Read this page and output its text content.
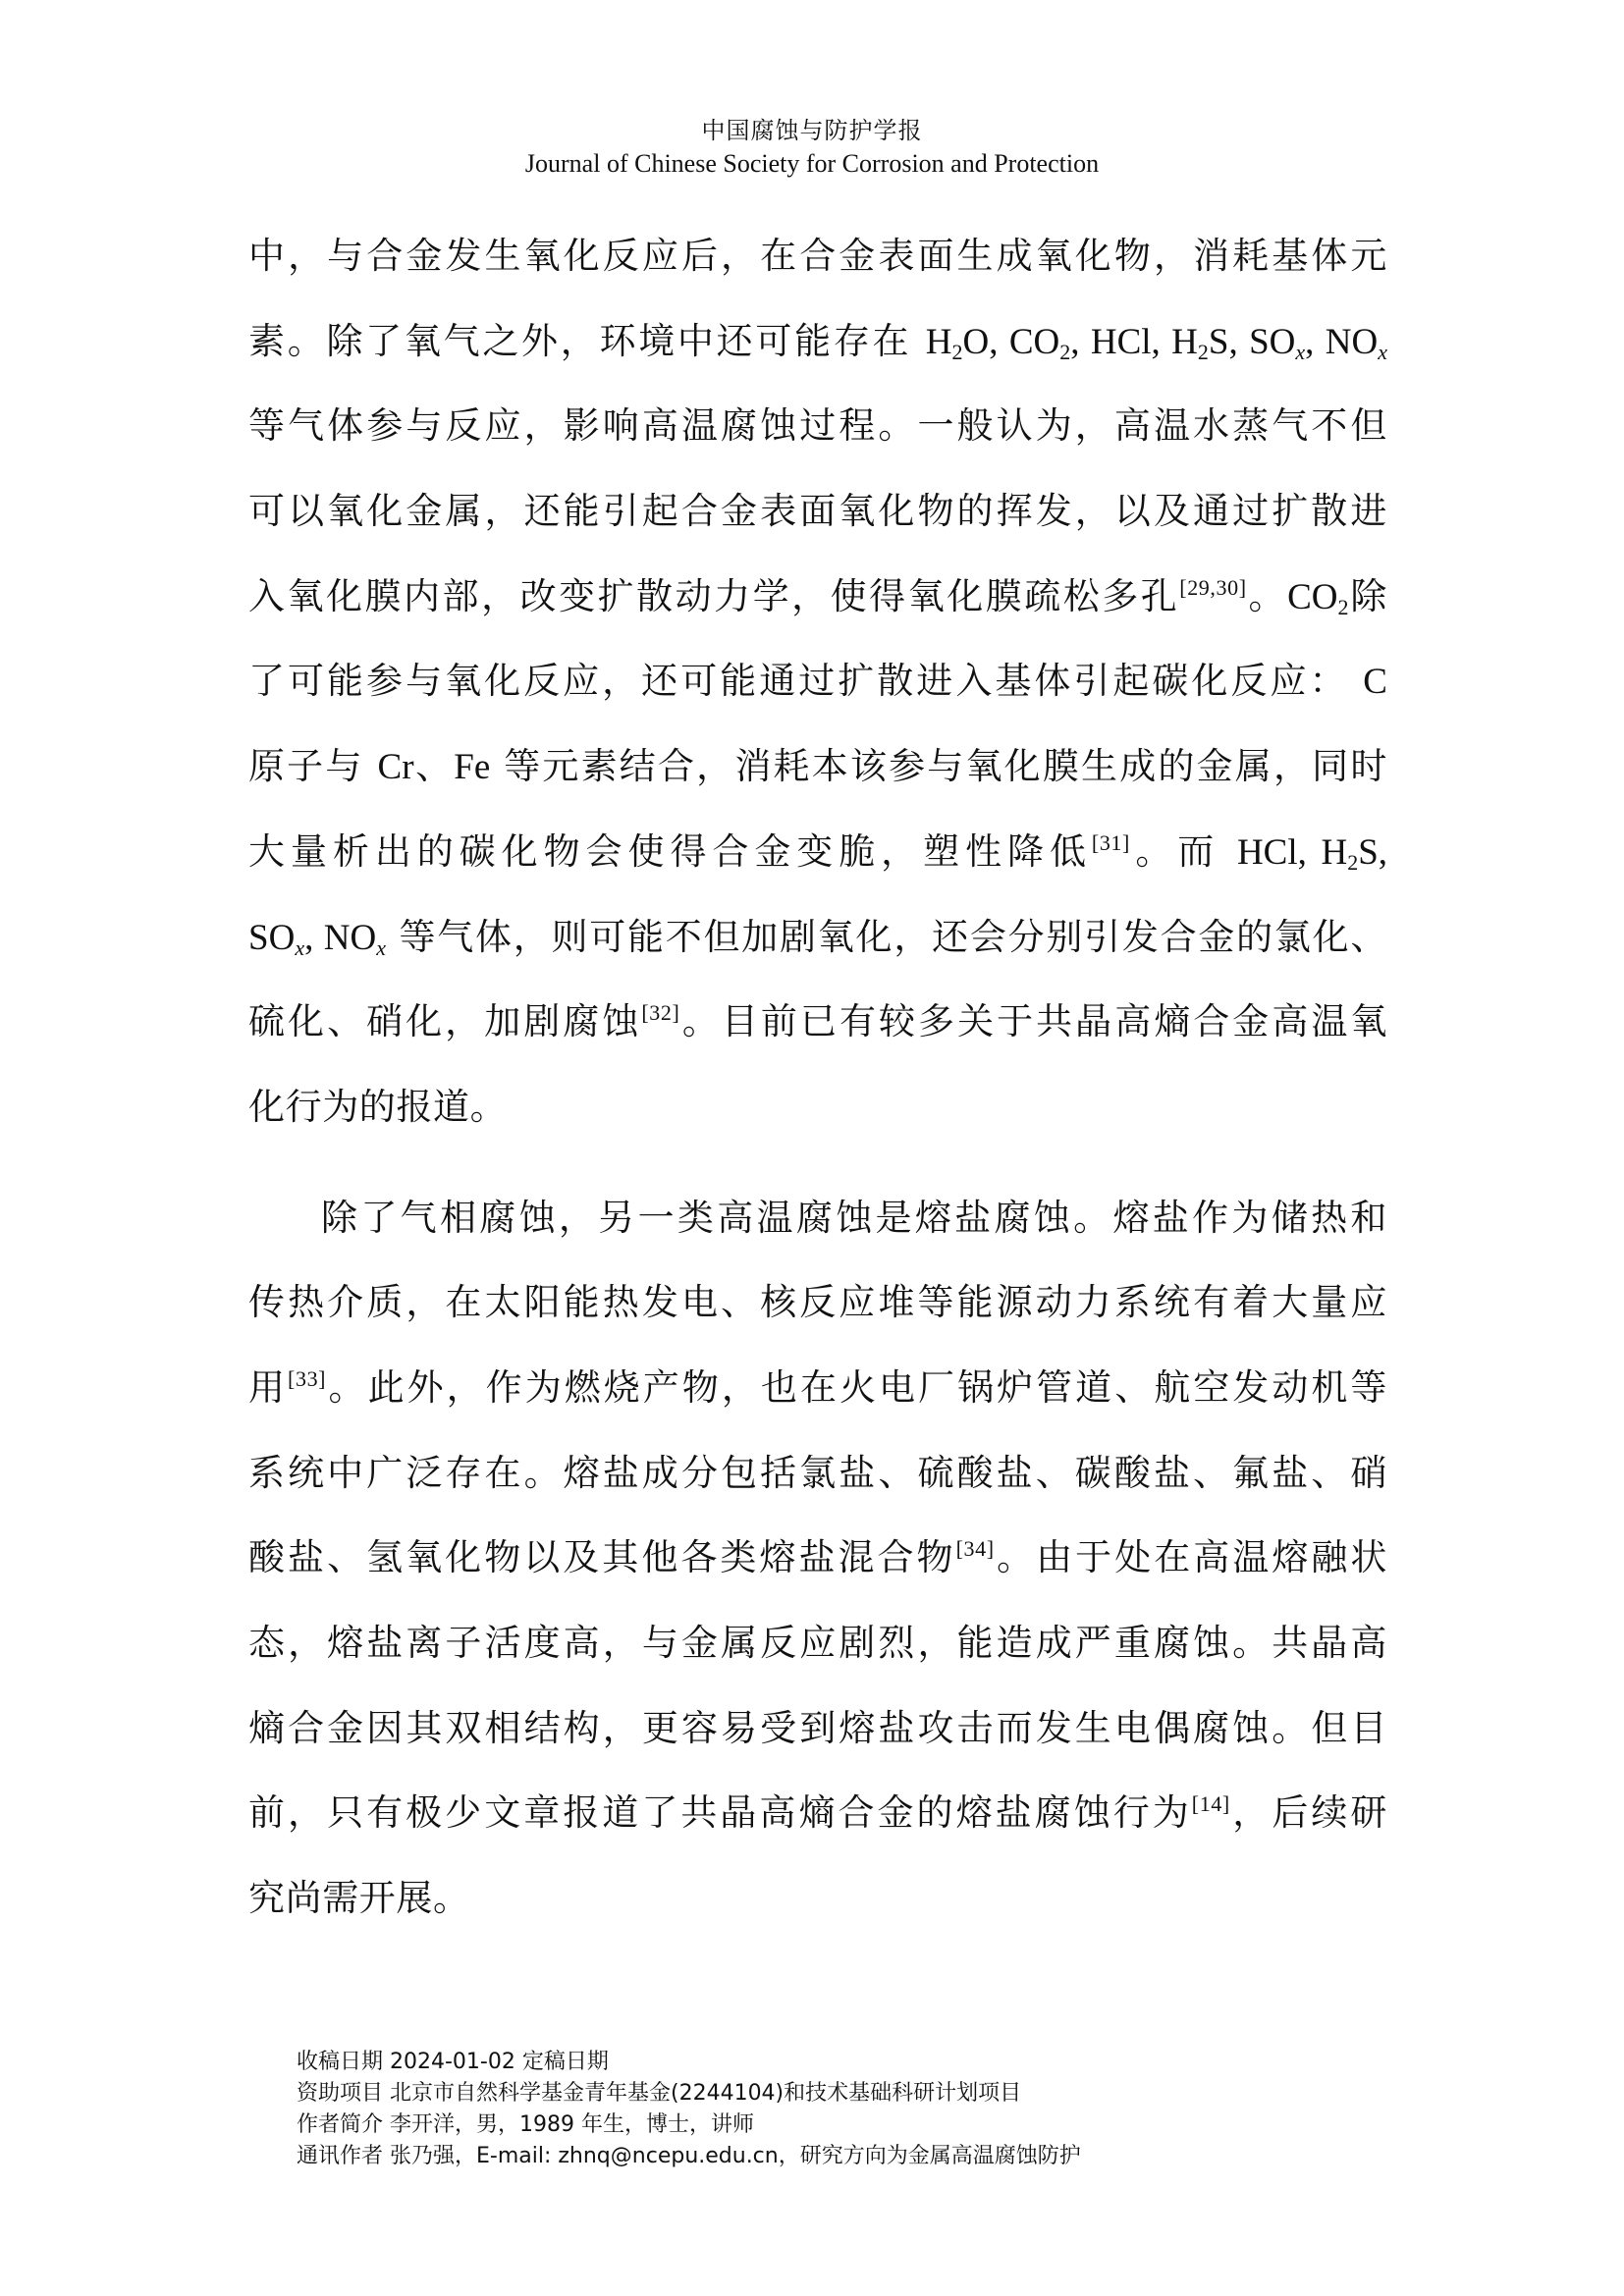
中国腐蚀与防护学报
Journal of Chinese Society for Corrosion and Protection
中，与合金发生氧化反应后，在合金表面生成氧化物，消耗基体元
素。除了氧气之外，环境中还可能存在 $H_2O$, $CO_2$, HCl, $H_2S$, $SO_x$, $NO_x$
等气体参与反应，影响高温腐蚀过程。一般认为，高温水蒸气不但
可以氧化金属，还能引起合金表面氧化物的挥发，以及通过扩散进
入氧化膜内部，改变扩散动力学，使得氧化膜疏松多孔[29,30]。$CO_2$除
了可能参与氧化反应，还可能通过扩散进入基体引起碳化反应： C
原子与 Cr、Fe 等元素结合，消耗本该参与氧化膜生成的金属，同时
大量析出的碳化物会使得合金变脆，塑性降低[31]。而 HCl, $H_2S$,
$SO_x$, $NO_x$ 等气体，则可能不但加剧氧化，还会分别引发合金的氯化、
硫化、硝化，加剧腐蚀[32]。目前已有较多关于共晶高熵合金高温氧
化行为的报道。
除了气相腐蚀，另一类高温腐蚀是熔盐腐蚀。熔盐作为储热和
传热介质，在太阳能热发电、核反应堆等能源动力系统有着大量应
用[33]。此外，作为燃烧产物，也在火电厂锅炉管道、航空发动机等
系统中广泛存在。熔盐成分包括氯盐、硫酸盐、碳酸盐、氟盐、硝
酸盐、氢氧化物以及其他各类熔盐混合物[34]。由于处在高温熔融状
态，熔盐离子活度高，与金属反应剧烈，能造成严重腐蚀。共晶高
熵合金因其双相结构，更容易受到熔盐攻击而发生电偶腐蚀。但目
前，只有极少文章报道了共晶高熵合金的熔盐腐蚀行为[14]，后续研
究尚需开展。
收稿日期 2024-01-02 定稿日期
资助项目 北京市自然科学基金青年基金(2244104)和技术基础科研计划项目
作者简介 李开洋，男，1989 年生，博士，讲师
通讯作者 张乃强，E-mail: zhnq@ncepu.edu.cn，研究方向为金属高温腐蚀防护
